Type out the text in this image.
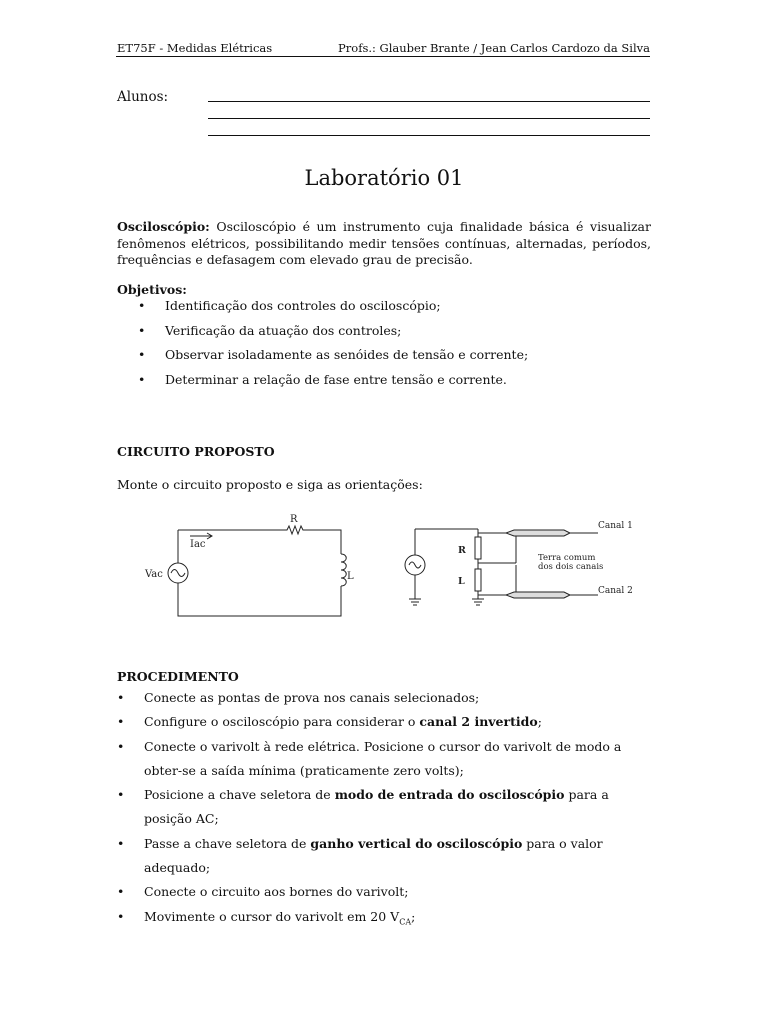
ET75F - Medidas Elétricas	Profs.: Glauber Brante / Jean Carlos Cardozo da Silva
Alunos:
Laboratório 01
Osciloscópio: Osciloscópio é um instrumento cuja finalidade básica é visualizar fenômenos elétricos, possibilitando medir tensões contínuas, alternadas, períodos, frequências e defasagem com elevado grau de precisão.
Objetivos:
• Identificação dos controles do osciloscópio;
• Verificação da atuação dos controles;
• Observar isoladamente as senóides de tensão e corrente;
• Determinar a relação de fase entre tensão e corrente.
CIRCUITO PROPOSTO
Monte o circuito proposto e siga as orientações:
R
Iac
Vac	L
R
L
Canal 1
Canal 2
Terra comum
dos dois canais
PROCEDIMENTO
• Conecte as pontas de prova nos canais selecionados;
• Configure o osciloscópio para considerar o canal 2 invertido;
• Conecte o varivolt à rede elétrica. Posicione o cursor do varivolt de modo a obter-se a saída mínima (praticamente zero volts);
• Posicione a chave seletora de modo de entrada do osciloscópio para a posição AC;
• Passe a chave seletora de ganho vertical do osciloscópio para o valor adequado;
• Conecte o circuito aos bornes do varivolt;
• Movimente o cursor do varivolt em 20 $V_{CA}$;
